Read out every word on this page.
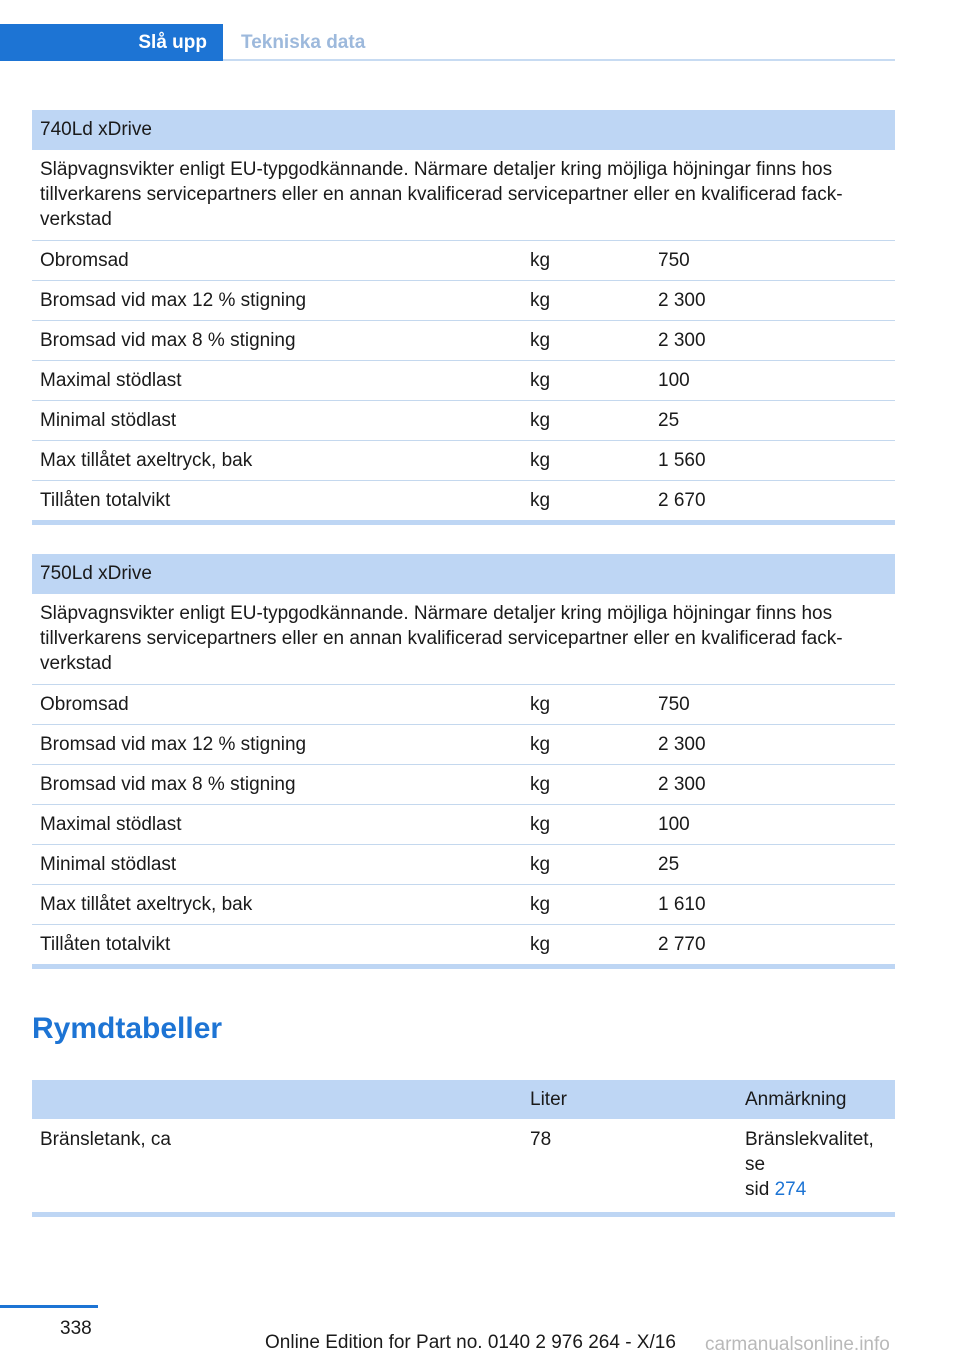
Slå upp	Tekniska data
740Ld xDrive		
Släpvagnsvikter enligt EU-typgodkännande. Närmare detaljer kring möjliga höjningar finns hos tillverkarens servicepartners eller en annan kvalificerad servicepartner eller en kvalificerad fackverkstad		
Obromsad	kg	750
Bromsad vid max 12 % stigning	kg	2 300
Bromsad vid max 8 % stigning	kg	2 300
Maximal stödlast	kg	100
Minimal stödlast	kg	25
Max tillåtet axeltryck, bak	kg	1 560
Tillåten totalvikt	kg	2 670
750Ld xDrive		
Släpvagnsvikter enligt EU-typgodkännande. Närmare detaljer kring möjliga höjningar finns hos tillverkarens servicepartners eller en annan kvalificerad servicepartner eller en kvalificerad fackverkstad		
Obromsad	kg	750
Bromsad vid max 12 % stigning	kg	2 300
Bromsad vid max 8 % stigning	kg	2 300
Maximal stödlast	kg	100
Minimal stödlast	kg	25
Max tillåtet axeltryck, bak	kg	1 610
Tillåten totalvikt	kg	2 770
Rymdtabeller
	Liter	Anmärkning
Bränsletank, ca	78	Bränslekvalitet, se
sid 274
338
Online Edition for Part no. 0140 2 976 264 - X/16 carmanualsonline.info
